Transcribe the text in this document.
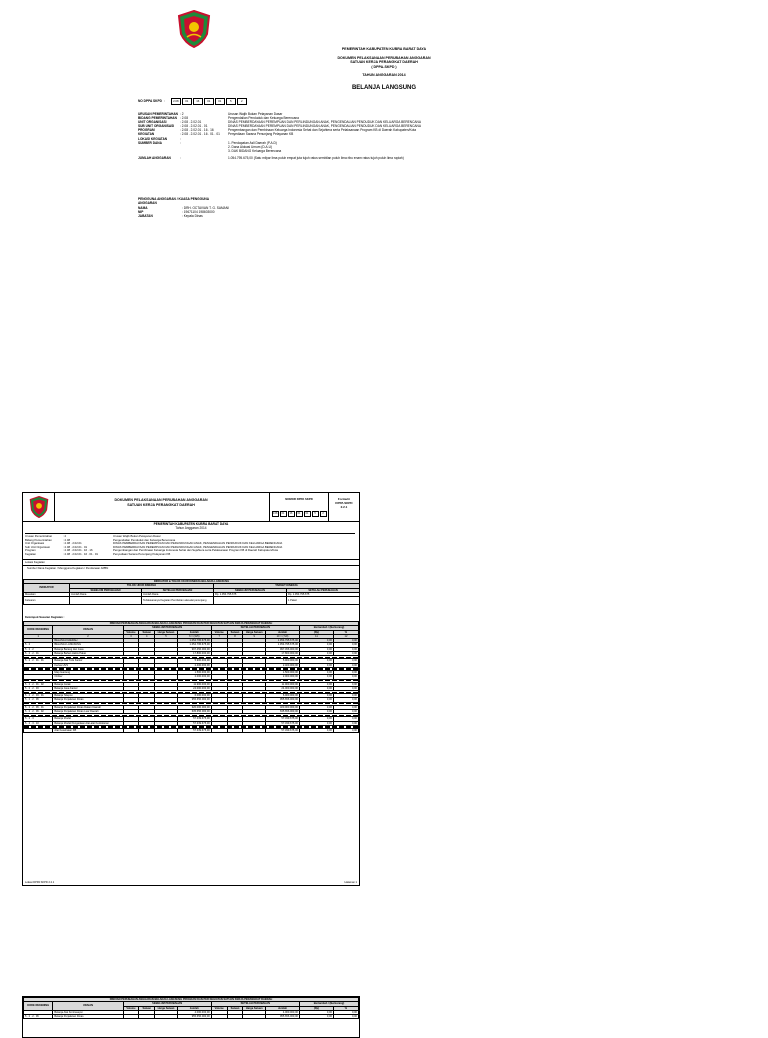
PEMERINTAH KABUPATEN KUBRA BARAT DAYA
DOKUMEN PELAKSANAAN PERUBAHAN ANGGARAN
SATUAN KERJA PERANGKAT DAERAH
( DPPA-SKPD )
TAHUN ANGGARAN 2014
BELANJA LANGSUNG
NO DPPA SKPD :	2.08	01	16	01	01	5	2
URUSAN PEMERINTAHAN : 2	Urusan Wajib Bukan Pelayanan Dasar
BIDANG PEMERINTAHAN : 2.08	Pengendalian Penduduk dan Keluarga Berencana
UNIT ORGANISASI	: 2.08 . 2.02.01	DINAS PEMBERDAYAAN PEREMPUAN DAN PERLINDUNGAN ANAK, PENGENDALIAN PENDUDUK DAN KELUARGA BERENCANA
SUB UNIT ORGANISASI	: 2.08 . 2.02.01 . 01	DINAS PEMBERDAYAAN PEREMPUAN DAN PERLINDUNGAN ANAK, PENGENDALIAN PENDUDUK DAN KELUARGA BERENCANA
PROGRAM	: 2.08 . 2.02.01 . 16 . 16	Pengembangan dan Pembinaan Keluarga Indonesia Sehat dan Sejahtera serta Pelaksanaan Program KB di Daerah Kabupaten/Kota
KEGIATAN	: 2.08 . 2.02.01 . 16 . 01 . 01	Penyediaan Sarana Penunjang Pelayanan KB
LOKASI KEGIATAN	:
SUMBER DANA	:	1. Pendapatan Asli Daerah (P.A.D)
2. Dana Alokasi Umum (D.A.U)
3. DAK BIDANG Keluarga Berencana
JUMLAH ANGGARAN	:	1.054.795.675,00 (Satu milyar lima puluh empat juta tujuh ratus sembilan puluh lima ribu enam ratus tujuh puluh lima rupiah)
PENGGUNA ANGGARAN / KUASA PENGGUNA ANGGARAN
NAMA	: DRH. OCTAVIAN T. G. SAMANI
NIP	: 19671104 198603000
JABATAN	: Kepala Dinas
DOKUMEN PELAKSANAAN PERUBAHAN ANGGARAN
SATUAN KERJA PERANGKAT DAERAH
NOMOR DPPA SKPD
2.08	01	16	01	01	5	2
Formulir
DPPA SKPD
2.2.1
PEMERINTAH KABUPATEN KUBRA BARAT DAYA
Tahun Anggaran 2014
Urusan Pemerintahan	: 2	Urusan Wajib Bukan Pelayanan Dasar
Bidang Pemerintahan	: 2.08	Pengendalian Penduduk dan Keluarga Berencana
Unit Organisasi	: 2.08 . 2.02.01	DINAS PEMBERDAYAAN PEREMPUAN DAN PERLINDUNGAN ANAK, PENGENDALIAN PENDUDUK DAN KELUARGA BERENCANA
Sub Unit Organisasi	: 2.08 . 2.02.01 . 01	DINAS PEMBERDAYAAN PEREMPUAN DAN PERLINDUNGAN ANAK, PENGENDALIAN PENDUDUK DAN KELUARGA BERENCANA
Program	: 2.08 . 2.02.01 . 16 . 16	Pengembangan dan Pembinaan Keluarga Indonesia Sehat dan Sejahtera serta Pelaksanaan Program KB di Daerah Kabupaten/Kota
Kegiatan	: 2.08 . 2.02.01 . 16 . 01 . 01	Penyediaan Sarana Penunjang Pelayanan KB
Lokasi Kegiatan
Sumber Dana Kegiatan / Mengguna Kegiatan / Pendanaan APBN
INDIKATOR & TOLOK UKUR KINERJA BELANJA LANGSUNG				
INDIKATOR	TOLOK UKUR KINERJA		TARGET KINERJA	
	SEBELUM PERUBAHAN	SETELAH PERUBAHAN	SEBELUM PERUBAHAN	SETELAH PERUBAHAN
Masukan	Jumlah Dana	Jumlah Dana	Rp. 1.054.795.675	Rp. 1.054.795.675
Keluaran		Terlaksananya Kegiatan Pembelian alat-alat penunjang		1 Paket
Kelompok Sasaran Kegiatan :
RINCIAN PERUBAHAN ANGGARAN BELANJA LANGSUNG PROGRAM DAN PER KEGIATAN SATUAN KERJA PERANGKAT DAERAH											
KODE REKENING	URAIAN	SEBELUM PERUBAHAN				SETELAH PERUBAHAN				Bertambah / (Berkurang)	
		Volume	Satuan	Harga Satuan	Jumlah	Volume	Satuan	Harga Satuan	Jumlah	(Rp)	%
1	2	3	4	5	6 = (3x5)	7	8	9	10 = (7x9)	11	12
	BELANJA DAERAH				1.054.795.675,00				1.054.795.675,00	0,00	0,00
5 . 2	BELANJA LANGSUNG				1.054.795.675,00				1.054.795.675,00	0,00	0,00
5 . 2 . 2	Belanja Barang dan Jasa				997.456.000,00				997.456.000,00	0,00	0,00
5 . 2 . 2 . 01	Belanja Bahan Habis Pakai				17.800.000,00				17.800.000,00	0,00	0,00

5 . 2 . 2 . 01 . 01	Belanja Alat Tulis Kantor				5.900.000,00				5.900.000,00	0,00	0,00
	Kertas HVS				2.400.000,00				2.400.000,00	0,00	0,00

	Map Gantung				1.500.000,00				1.500.000,00	0,00	0,00
	Ordner				2.000.000,00				2.000.000,00	0,00	0,00

5 . 2 . 2 . 01 . 02	Belanja Cetak				11.900.000,00				11.900.000,00	0,00	0,00
5 . 2 . 2 . 03	Belanja Jasa Kantor				24.000.000,00				24.000.000,00	0,00	0,00

5 . 2 . 2 . 03 . 01	Belanja Telepon				6.000.000,00				6.000.000,00	0,00	0,00
5 . 2 . 2 . 06	Belanja Perjalanan Dinas				955.656.000,00				955.656.000,00	0,00	0,00

5 . 2 . 2 . 06 . 01	Belanja Perjalanan Dinas Dalam Daerah				320.000.000,00				320.000.000,00	0,00	0,00
5 . 2 . 2 . 06 . 02	Belanja Perjalanan Dinas Luar Daerah				635.656.000,00				635.656.000,00	0,00	0,00

5 . 2 . 3	Belanja Modal				57.339.675,00				57.339.675,00	0,00	0,00
5 . 2 . 3 . 10	Belanja Modal Pengadaan Alat-alat Kedokteran				57.339.675,00				57.339.675,00	0,00	0,00

	Alat Kesehatan KB				57.339.675,00				57.339.675,00	0,00	0,00
Lokasi DPPA SKPD 2.2.1	Halaman 1
RINCIAN PERUBAHAN ANGGARAN BELANJA LANGSUNG PROGRAM DAN PER KEGIATAN SATUAN KERJA PERANGKAT DAERAH											
KODE REKENING	URAIAN	SEBELUM PERUBAHAN				SETELAH PERUBAHAN				Bertambah / (Berkurang)	
		Volume	Satuan	Harga Satuan	Jumlah	Volume	Satuan	Harga Satuan	Jumlah	(Rp)	%
	Belanja Alat Kontrasepsi				4.000.000,00				4.000.000,00	0,00	0,00
5 . 2 . 2 . 06	Belanja Perjalanan Dinas				955.656.000,00				955.656.000,00	0,00	0,00
